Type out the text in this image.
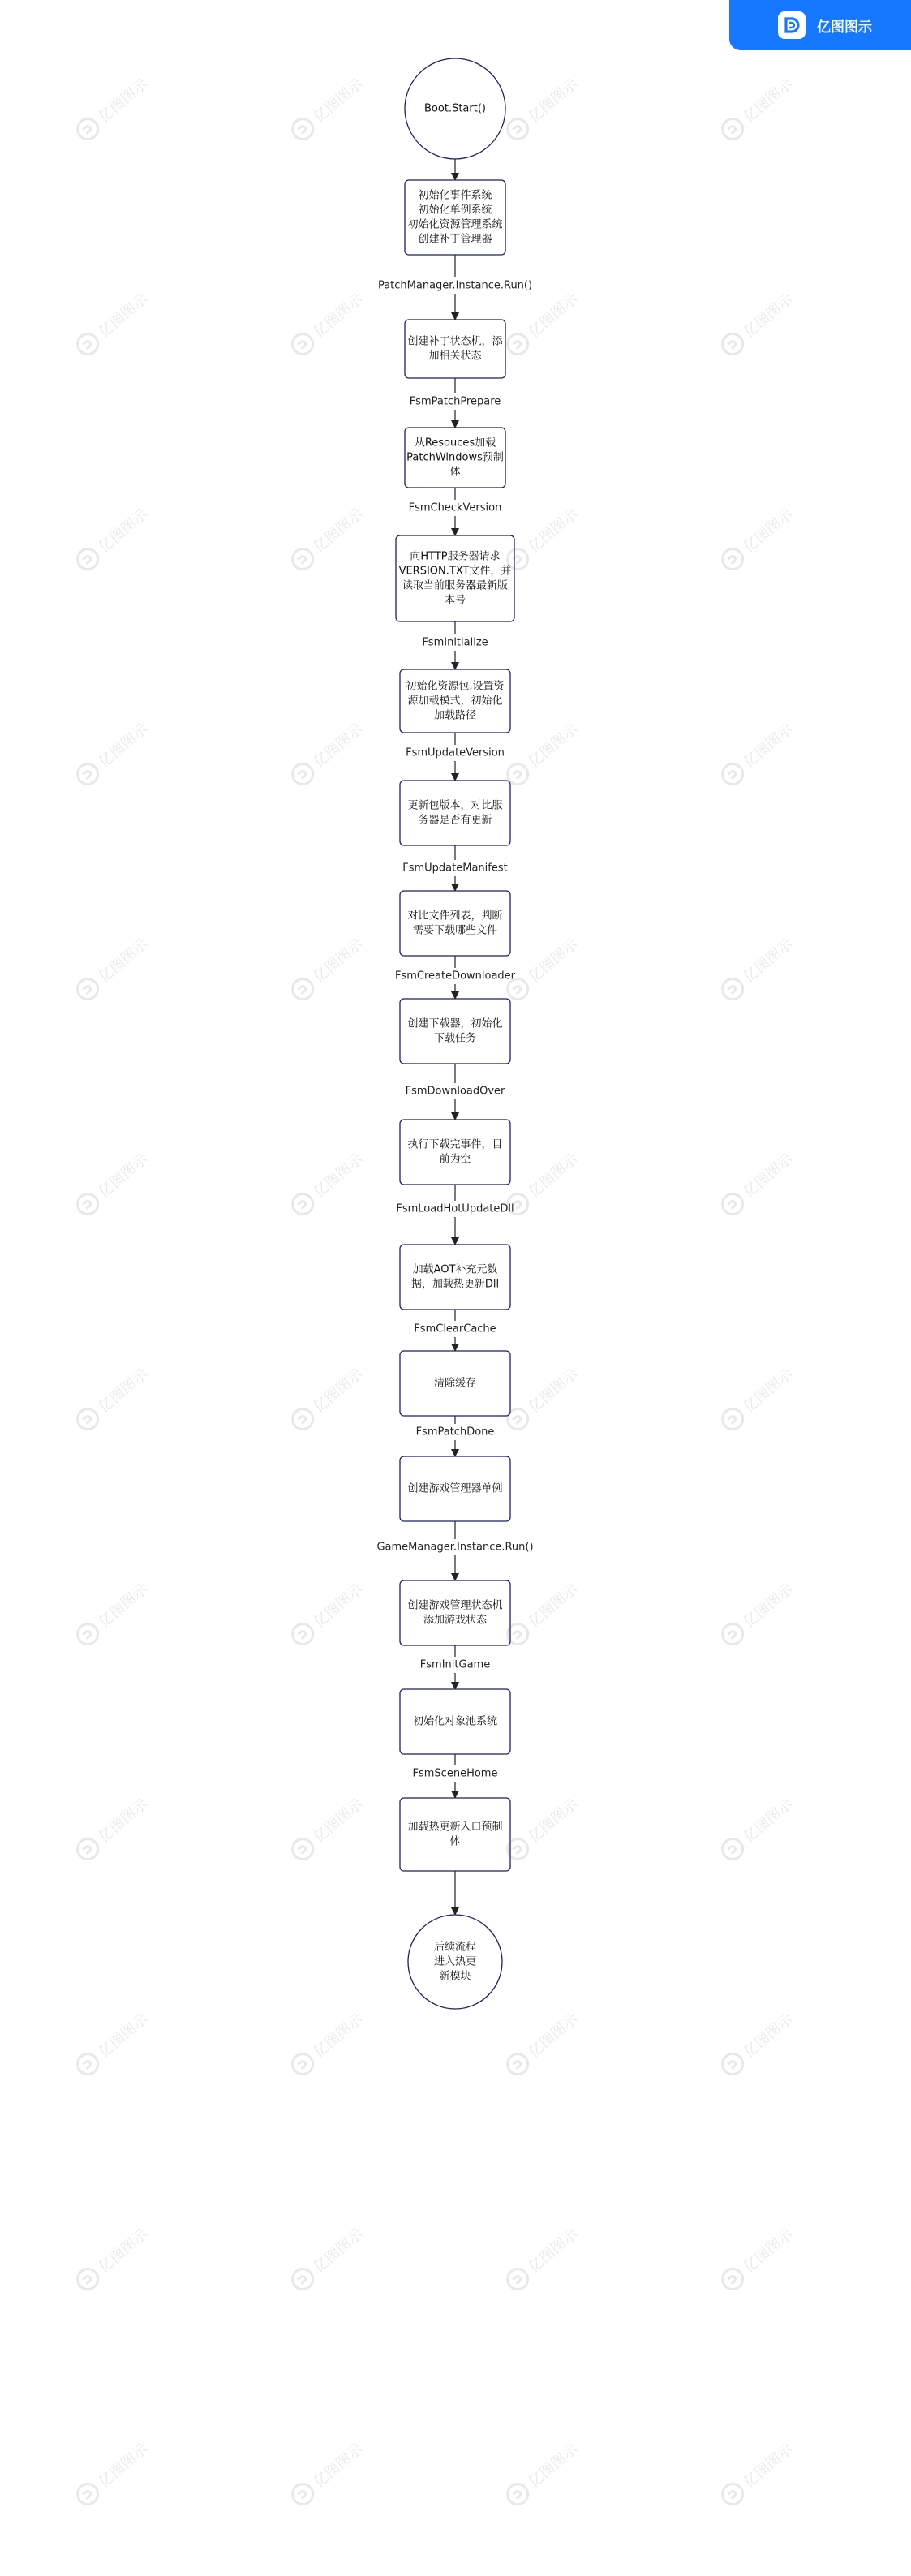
PatchManager.Instance.Run()
FsmPatchPrepare
FsmCheckVersion
FsmInitialize
FsmUpdateVersion
FsmUpdateManifest
FsmCreateDownloader
FsmDownloadOver
FsmLoadHotUpdateDll
FsmClearCache
FsmPatchDone
GameManager.Instance.Run()
FsmInitGame
FsmSceneHome
Boot.Start()
初始化事件系统
初始化单例系统
初始化资源管理系统
创建补丁管理器
创建补丁状态机，添
加相关状态
从Resouces加载
PatchWindows预制
体
向HTTP服务器请求
VERSION.TXT文件，并
读取当前服务器最新版
本号
初始化资源包,设置资
源加载模式，初始化
加载路径
更新包版本，对比服
务器是否有更新
对比文件列表，判断
需要下载哪些文件
创建下载器，初始化
下载任务
执行下载完事件，目
前为空
加载AOT补充元数
据，加载热更新Dll
清除缓存
创建游戏管理器单例
创建游戏管理状态机
添加游戏状态
初始化对象池系统
加载热更新入口预制
体
后续流程
进入热更
新模块
亿图图示
亿图图示	亿图图示	亿图图示	亿图图示
亿图图示	亿图图示	亿图图示	亿图图示
亿图图示	亿图图示	亿图图示	亿图图示
亿图图示	亿图图示	亿图图示	亿图图示
亿图图示	亿图图示	亿图图示	亿图图示
亿图图示	亿图图示	亿图图示	亿图图示
亿图图示	亿图图示	亿图图示	亿图图示
亿图图示	亿图图示	亿图图示	亿图图示
亿图图示	亿图图示	亿图图示	亿图图示
亿图图示	亿图图示	亿图图示	亿图图示
亿图图示	亿图图示	亿图图示	亿图图示
亿图图示	亿图图示	亿图图示	亿图图示
